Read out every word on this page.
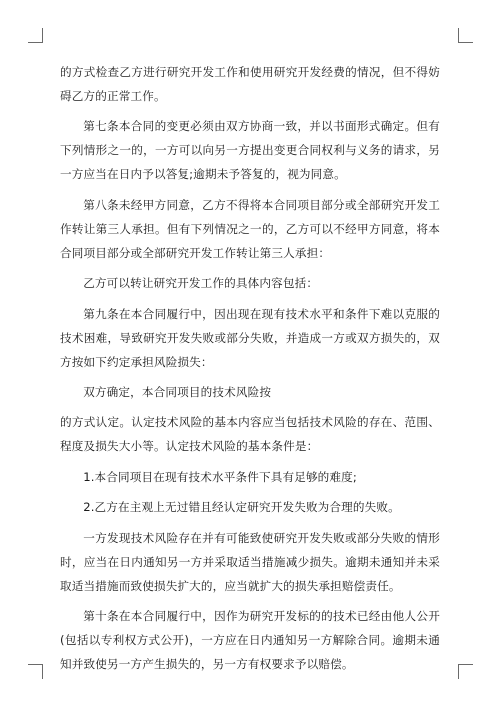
的方式检查乙方进行研究开发工作和使用研究开发经费的情况，但不得妨碍乙方的正常工作。

第七条本合同的变更必须由双方协商一致，并以书面形式确定。但有下列情形之一的，一方可以向另一方提出变更合同权利与义务的请求，另一方应当在日内予以答复;逾期未予答复的，视为同意。

第八条未经甲方同意，乙方不得将本合同项目部分或全部研究开发工作转让第三人承担。但有下列情况之一的，乙方可以不经甲方同意，将本合同项目部分或全部研究开发工作转让第三人承担：

乙方可以转让研究开发工作的具体内容包括：

第九条在本合同履行中，因出现在现有技术水平和条件下难以克服的技术困难，导致研究开发失败或部分失败，并造成一方或双方损失的，双方按如下约定承担风险损失：

双方确定，本合同项目的技术风险按

的方式认定。认定技术风险的基本内容应当包括技术风险的存在、范围、程度及损失大小等。认定技术风险的基本条件是：

1.本合同项目在现有技术水平条件下具有足够的难度;

2.乙方在主观上无过错且经认定研究开发失败为合理的失败。

一方发现技术风险存在并有可能致使研究开发失败或部分失败的情形时，应当在日内通知另一方并采取适当措施减少损失。逾期未通知并未采取适当措施而致使损失扩大的，应当就扩大的损失承担赔偿责任。

第十条在本合同履行中，因作为研究开发标的的技术已经由他人公开(包括以专利权方式公开)，一方应在日内通知另一方解除合同。逾期未通知并致使另一方产生损失的，另一方有权要求予以赔偿。
